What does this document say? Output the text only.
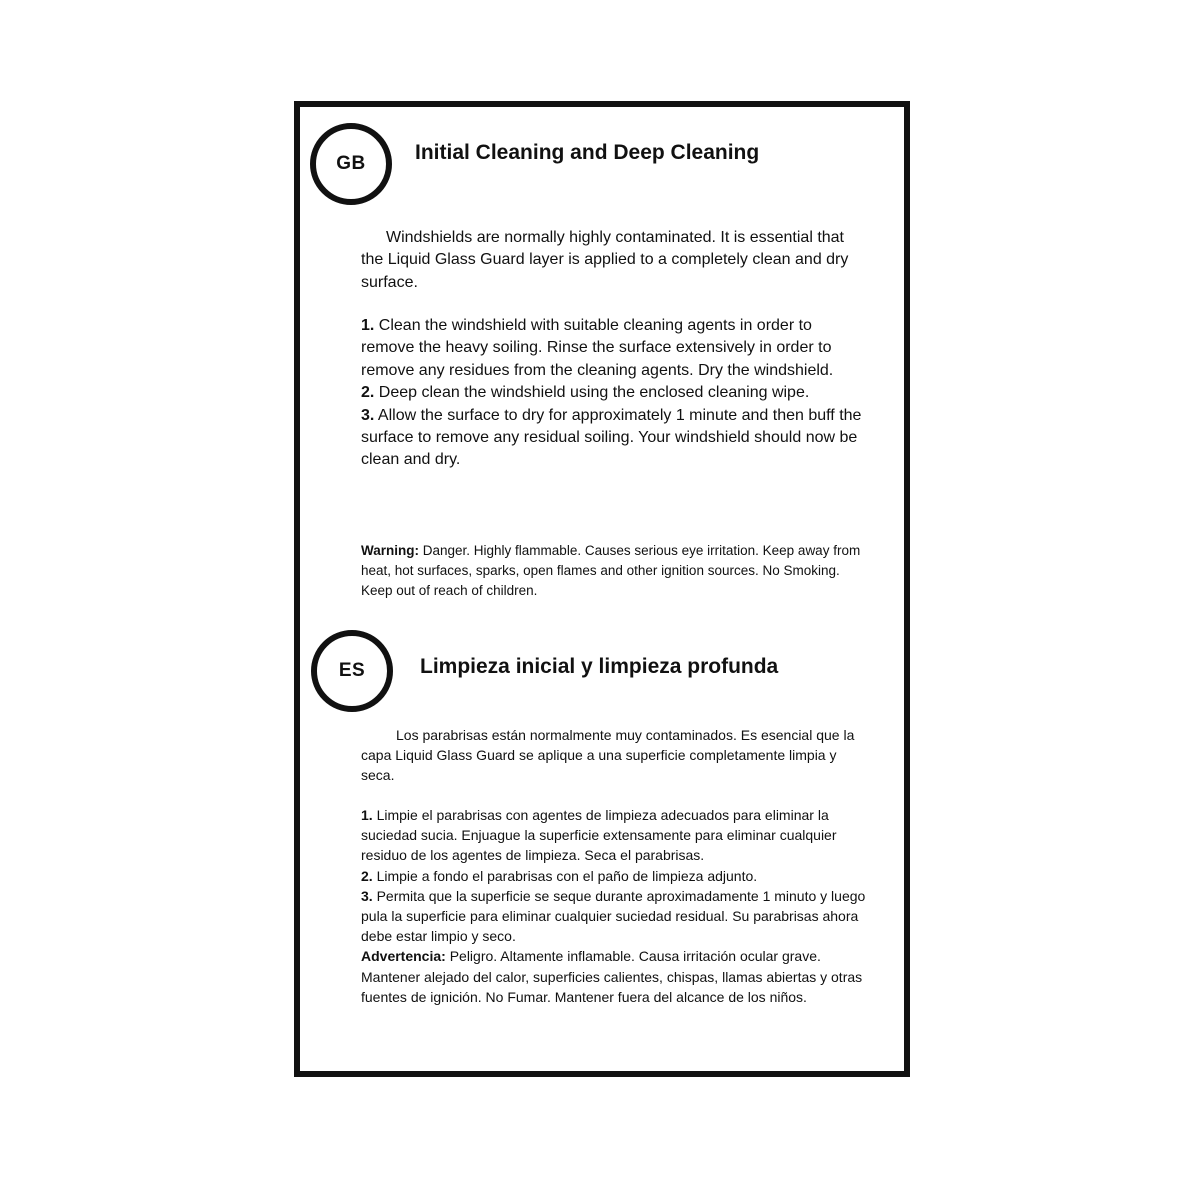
GB	Initial Cleaning and Deep Cleaning

Windshields are normally highly contaminated. It is essential that the Liquid Glass Guard layer is applied to a completely clean and dry surface.

1. Clean the windshield with suitable cleaning agents in order to remove the heavy soiling. Rinse the surface extensively in order to remove any residues from the cleaning agents. Dry the windshield.
2. Deep clean the windshield using the enclosed cleaning wipe.
3. Allow the surface to dry for approximately 1 minute and then buff the surface to remove any residual soiling. Your windshield should now be clean and dry.

Warning: Danger. Highly flammable. Causes serious eye irritation. Keep away from heat, hot surfaces, sparks, open flames and other ignition sources. No Smoking. Keep out of reach of children.

ES	Limpieza inicial y limpieza profunda

Los parabrisas están normalmente muy contaminados. Es esencial que la capa Liquid Glass Guard se aplique a una superficie completamente limpia y seca.

1. Limpie el parabrisas con agentes de limpieza adecuados para eliminar la suciedad sucia. Enjuague la superficie extensamente para eliminar cualquier residuo de los agentes de limpieza. Seca el parabrisas.
2. Limpie a fondo el parabrisas con el paño de limpieza adjunto.
3. Permita que la superficie se seque durante aproximadamente 1 minuto y luego pula la superficie para eliminar cualquier suciedad residual. Su parabrisas ahora debe estar limpio y seco.
Advertencia: Peligro. Altamente inflamable. Causa irritación ocular grave. Mantener alejado del calor, superficies calientes, chispas, llamas abiertas y otras fuentes de ignición. No Fumar. Mantener fuera del alcance de los niños.
